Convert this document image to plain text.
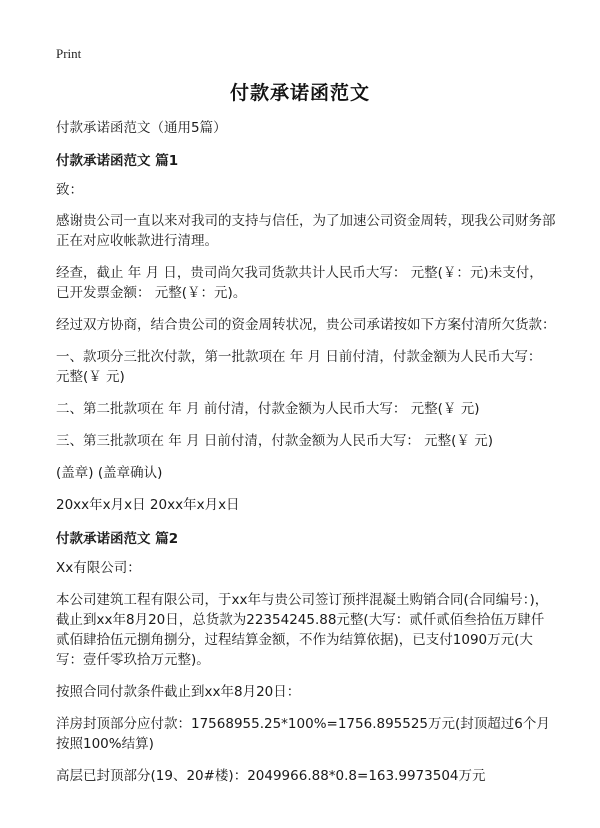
Print
付款承诺函范文

付款承诺函范文（通用5篇）

付款承诺函范文 篇1

致：

感谢贵公司一直以来对我司的支持与信任，为了加速公司资金周转，现我公司财务部正在对应收帐款进行清理。

经查，截止 年 月 日，贵司尚欠我司货款共计人民币大写： 元整(￥：元)未支付，已开发票金额： 元整(￥：元)。

经过双方协商，结合贵公司的资金周转状况，贵公司承诺按如下方案付清所欠货款：

一、款项分三批次付款，第一批款项在 年 月 日前付清，付款金额为人民币大写： 元整(￥ 元)

二、第二批款项在 年 月 前付清，付款金额为人民币大写： 元整(￥ 元)

三、第三批款项在 年 月 日前付清，付款金额为人民币大写： 元整(￥ 元)

(盖章) (盖章确认)

20xx年x月x日 20xx年x月x日

付款承诺函范文 篇2

Xx有限公司：

本公司建筑工程有限公司，于xx年与贵公司签订预拌混凝土购销合同(合同编号：)，截止到xx年8月20日，总货款为22354245.88元整(大写：贰仟贰佰叁拾伍万肆仟贰佰肆拾伍元捌角捌分，过程结算金额，不作为结算依据)，已支付1090万元(大写：壹仟零玖拾万元整)。

按照合同付款条件截止到xx年8月20日：

洋房封顶部分应付款：17568955.25*100%=1756.895525万元(封顶超过6个月按照100%结算)

高层已封顶部分(19、20#楼)：2049966.88*0.8=163.9973504万元
